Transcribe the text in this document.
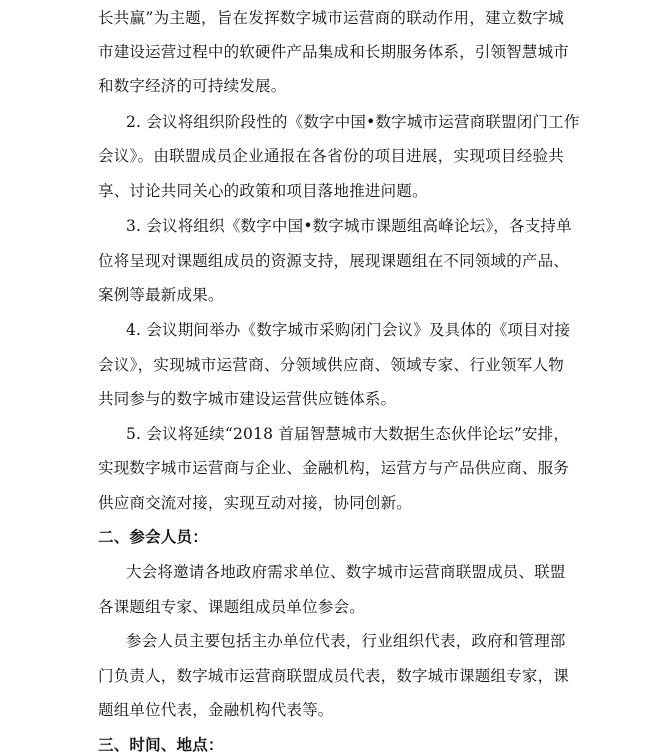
长共赢”为主题，旨在发挥数字城市运营商的联动作用，建立数字城
市建设运营过程中的软硬件产品集成和长期服务体系，引领智慧城市
和数字经济的可持续发展。
2. 会议将组织阶段性的《数字中国•数字城市运营商联盟闭门工作
会议》。由联盟成员企业通报在各省份的项目进展，实现项目经验共
享、讨论共同关心的政策和项目落地推进问题。
3. 会议将组织《数字中国•数字城市课题组高峰论坛》，各支持单
位将呈现对课题组成员的资源支持，展现课题组在不同领域的产品、
案例等最新成果。
4. 会议期间举办《数字城市采购闭门会议》及具体的《项目对接
会议》，实现城市运营商、分领域供应商、领域专家、行业领军人物
共同参与的数字城市建设运营供应链体系。
5. 会议将延续“2018 首届智慧城市大数据生态伙伴论坛”安排，
实现数字城市运营商与企业、金融机构，运营方与产品供应商、服务
供应商交流对接，实现互动对接，协同创新。
二、参会人员：
大会将邀请各地政府需求单位、数字城市运营商联盟成员、联盟
各课题组专家、课题组成员单位参会。
参会人员主要包括主办单位代表，行业组织代表，政府和管理部
门负责人，数字城市运营商联盟成员代表，数字城市课题组专家，课
题组单位代表，金融机构代表等。
三、时间、地点：
